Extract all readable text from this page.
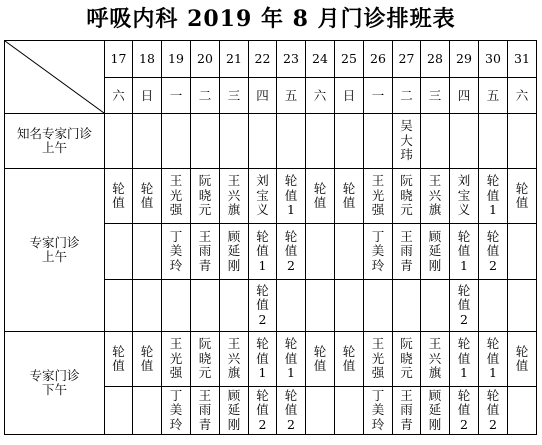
呼吸内科 2019 年 8 月门诊排班表
	17	18	19	20	21	22	23	24	25	26	27	28	29	30	31
	六	日	一	二	三	四	五	六	日	一	二	三	四	五	六

知名专家门诊
上午											吴大玮				

专家门诊
上午	轮值	轮值	王光强	阮晓元	王兴旗	刘宝义	轮值1	轮值	轮值	王光强	阮晓元	王兴旗	刘宝义	轮值1	轮值

			丁美玲	王雨青	顾延刚	轮值1	轮值2			丁美玲	王雨青	顾延刚	轮值1	轮值2	

						轮值2							轮值2		

专家门诊
下午	轮值	轮值	王光强	阮晓元	王兴旗	轮值1	轮值1	轮值	轮值	王光强	阮晓元	王兴旗	轮值1	轮值1	轮值

			丁美玲	王雨青	顾延刚	轮值2	轮值2			丁美玲	王雨青	顾延刚	轮值2	轮值2	
